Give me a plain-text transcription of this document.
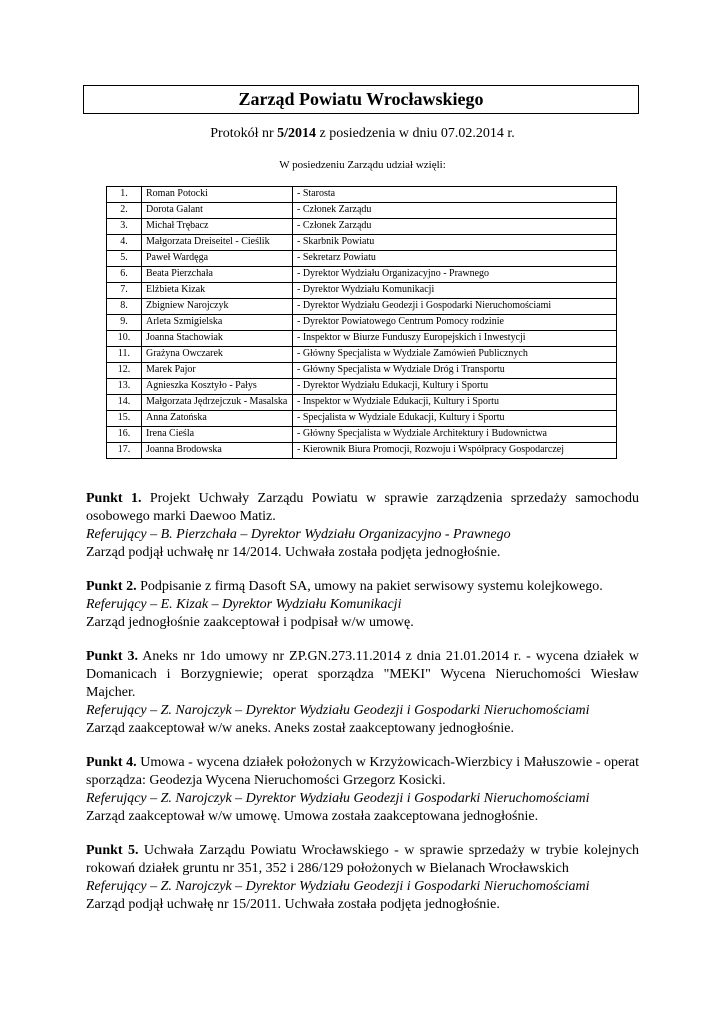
Zarząd Powiatu Wrocławskiego
Protokół nr 5/2014 z posiedzenia w dniu 07.02.2014 r.
W posiedzeniu Zarządu udział wzięli:
1.	Roman Potocki	- Starosta
2.	Dorota Galant	- Członek Zarządu
3.	Michał Trębacz	- Członek Zarządu
4.	Małgorzata Dreiseitel - Cieślik	- Skarbnik Powiatu
5.	Paweł Wardęga	- Sekretarz Powiatu
6.	Beata Pierzchała	- Dyrektor Wydziału Organizacyjno - Prawnego
7.	Elżbieta Kizak	- Dyrektor Wydziału Komunikacji
8.	Zbigniew Narojczyk	- Dyrektor Wydziału Geodezji i Gospodarki Nieruchomościami
9.	Arleta Szmigielska	- Dyrektor Powiatowego Centrum Pomocy rodzinie
10.	Joanna Stachowiak	- Inspektor w Biurze Funduszy Europejskich i Inwestycji
11.	Grażyna Owczarek	- Główny Specjalista w Wydziale Zamówień Publicznych
12.	Marek Pajor	- Główny Specjalista w Wydziale Dróg i Transportu
13.	Agnieszka Kosztyło - Pałys	- Dyrektor Wydziału Edukacji, Kultury i Sportu
14.	Małgorzata Jędrzejczuk - Masalska	- Inspektor w Wydziale Edukacji, Kultury i Sportu
15.	Anna Zatońska	- Specjalista w Wydziale Edukacji, Kultury i Sportu
16.	Irena Cieśla	- Główny Specjalista w Wydziale Architektury i Budownictwa
17.	Joanna Brodowska	- Kierownik Biura Promocji, Rozwoju i Współpracy Gospodarczej

Punkt 1. Projekt Uchwały Zarządu Powiatu w sprawie zarządzenia sprzedaży samochodu osobowego marki Daewoo Matiz.

Referujący – B. Pierzchała – Dyrektor Wydziału Organizacyjno - Prawnego

Zarząd podjął uchwałę nr 14/2014. Uchwała została podjęta jednogłośnie.

Punkt 2. Podpisanie z firmą Dasoft SA, umowy na pakiet serwisowy systemu kolejkowego.

Referujący – E. Kizak – Dyrektor Wydziału Komunikacji

Zarząd jednogłośnie zaakceptował i podpisał w/w umowę.

Punkt 3. Aneks nr 1do umowy nr ZP.GN.273.11.2014 z dnia 21.01.2014 r. - wycena działek w Domanicach i Borzygniewie; operat sporządza "MEKI" Wycena Nieruchomości Wiesław Majcher.

Referujący – Z. Narojczyk – Dyrektor Wydziału Geodezji i Gospodarki Nieruchomościami

Zarząd zaakceptował w/w aneks. Aneks został zaakceptowany jednogłośnie.

Punkt 4. Umowa - wycena działek położonych w Krzyżowicach-Wierzbicy i Małuszowie - operat sporządza: Geodezja Wycena Nieruchomości Grzegorz Kosicki.

Referujący – Z. Narojczyk – Dyrektor Wydziału Geodezji i Gospodarki Nieruchomościami

Zarząd zaakceptował w/w umowę. Umowa została zaakceptowana jednogłośnie.

Punkt 5. Uchwała Zarządu Powiatu Wrocławskiego - w sprawie sprzedaży w trybie kolejnych rokowań działek gruntu nr 351, 352 i 286/129 położonych w Bielanach Wrocławskich

Referujący – Z. Narojczyk – Dyrektor Wydziału Geodezji i Gospodarki Nieruchomościami

Zarząd podjął uchwałę nr 15/2011. Uchwała została podjęta jednogłośnie.
